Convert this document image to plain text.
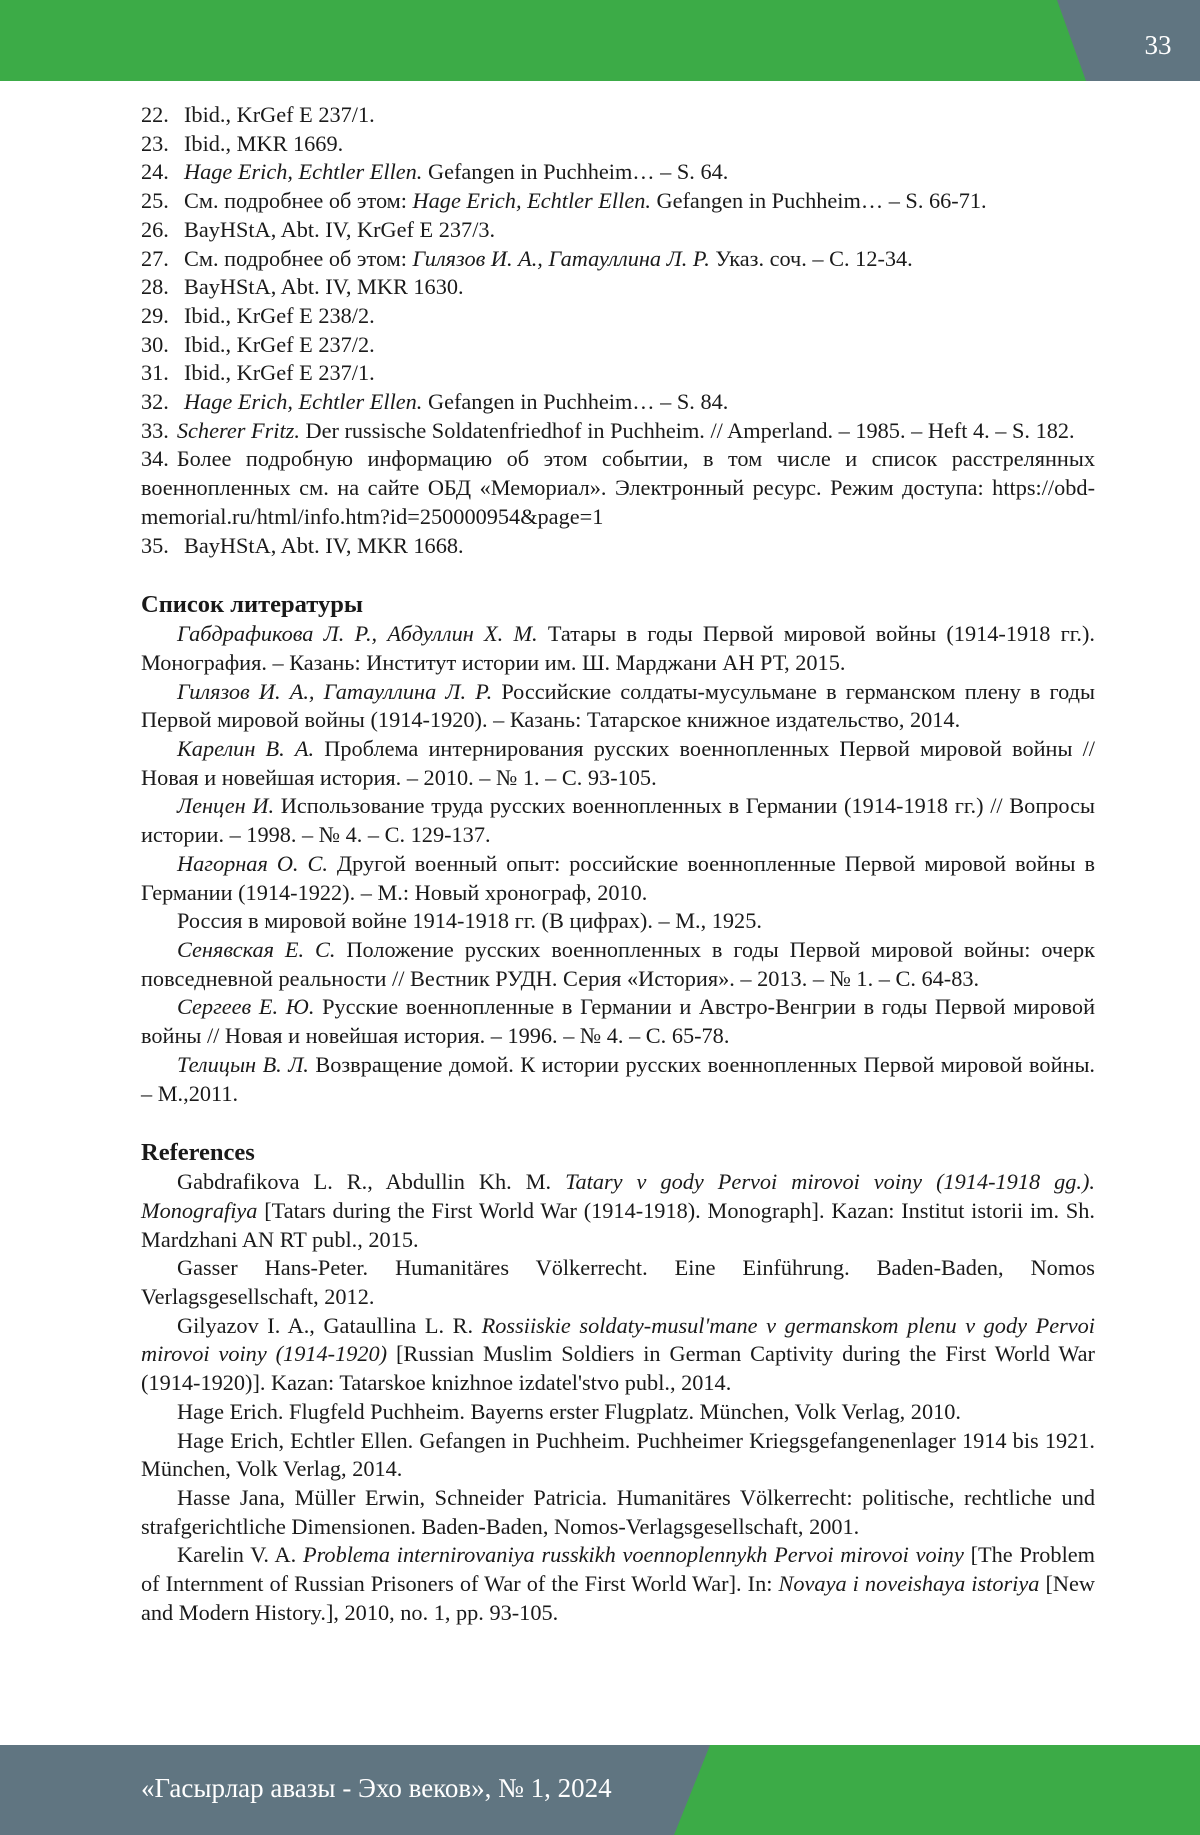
33
22. Ibid., KrGef E 237/1.
23. Ibid., MKR 1669.
24. Hage Erich, Echtler Ellen. Gefangen in Puchheim… – S. 64.
25. См. подробнее об этом: Hage Erich, Echtler Ellen. Gefangen in Puchheim… – S. 66-71.
26. BayHStA, Abt. IV, KrGef E 237/3.
27. См. подробнее об этом: Гилязов И. А., Гатауллина Л. Р. Указ. соч. – С. 12-34.
28. BayHStA, Abt. IV, MKR 1630.
29. Ibid., KrGef E 238/2.
30. Ibid., KrGef E 237/2.
31. Ibid., KrGef E 237/1.
32. Hage Erich, Echtler Ellen. Gefangen in Puchheim… – S. 84.
33. Scherer Fritz. Der russische Soldatenfriedhof in Puchheim. // Amperland. – 1985. – Heft 4. – S. 182.
34. Более подробную информацию об этом событии, в том числе и список расстрелянных военнопленных см. на сайте ОБД «Мемориал». Электронный ресурс. Режим доступа: https://obd-memorial.ru/html/info.htm?id=250000954&page=1
35. BayHStA, Abt. IV, MKR 1668.
Список литературы
Габдрафикова Л. Р., Абдуллин Х. М. Татары в годы Первой мировой войны (1914-1918 гг.). Монография. – Казань: Институт истории им. Ш. Марджани АН РТ, 2015.
Гилязов И. А., Гатауллина Л. Р. Российские солдаты-мусульмане в германском плену в годы Первой мировой войны (1914-1920). – Казань: Татарское книжное издательство, 2014.
Карелин В. А. Проблема интернирования русских военнопленных Первой мировой войны // Новая и новейшая история. – 2010. – № 1. – С. 93-105.
Ленцен И. Использование труда русских военнопленных в Германии (1914-1918 гг.) // Вопросы истории. – 1998. – № 4. – С. 129-137.
Нагорная О. С. Другой военный опыт: российские военнопленные Первой мировой войны в Германии (1914-1922). – М.: Новый хронограф, 2010.
Россия в мировой войне 1914-1918 гг. (В цифрах). – М., 1925.
Сенявская Е. С. Положение русских военнопленных в годы Первой мировой войны: очерк повседневной реальности // Вестник РУДН. Серия «История». – 2013. – № 1. – С. 64-83.
Сергеев Е. Ю. Русские военнопленные в Германии и Австро-Венгрии в годы Первой мировой войны // Новая и новейшая история. – 1996. – № 4. – С. 65-78.
Телицын В. Л. Возвращение домой. К истории русских военнопленных Первой мировой войны. – М.,2011.
References
Gabdrafikova L. R., Abdullin Kh. M. Tatary v gody Pervoi mirovoi voiny (1914-1918 gg.). Monografiya [Tatars during the First World War (1914-1918). Monograph]. Kazan: Institut istorii im. Sh. Mardzhani AN RT publ., 2015.
Gasser Hans-Peter. Humanitäres Völkerrecht. Eine Einführung. Baden-Baden, Nomos Verlagsgesellschaft, 2012.
Gilyazov I. A., Gataullina L. R. Rossiiskie soldaty-musul'mane v germanskom plenu v gody Pervoi mirovoi voiny (1914-1920) [Russian Muslim Soldiers in German Captivity during the First World War (1914-1920)]. Kazan: Tatarskoe knizhnoe izdatel'stvo publ., 2014.
Hage Erich. Flugfeld Puchheim. Bayerns erster Flugplatz. München, Volk Verlag, 2010.
Hage Erich, Echtler Ellen. Gefangen in Puchheim. Puchheimer Kriegsgefangenenlager 1914 bis 1921. München, Volk Verlag, 2014.
Hasse Jana, Müller Erwin, Schneider Patricia. Humanitäres Völkerrecht: politische, rechtliche und strafgerichtliche Dimensionen. Baden-Baden, Nomos-Verlagsgesellschaft, 2001.
Karelin V. A. Problema internirovaniya russkikh voennoplennykh Pervoi mirovoi voiny [The Problem of Internment of Russian Prisoners of War of the First World War]. In: Novaya i noveishaya istoriya [New and Modern History.], 2010, no. 1, pp. 93-105.
«Гасырлар авазы - Эхо веков», № 1, 2024
